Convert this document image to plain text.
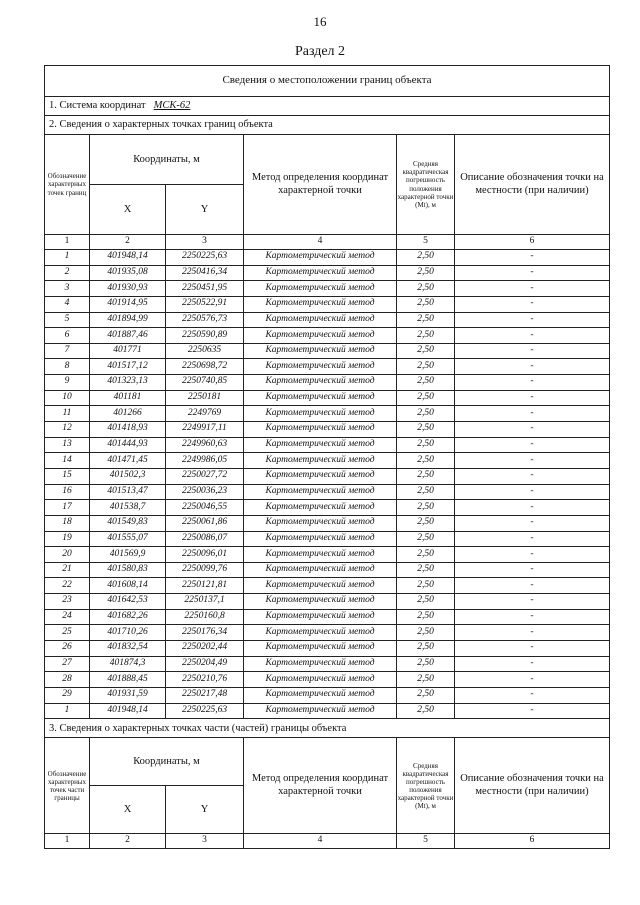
16
Раздел 2
Сведения о местоположении границ объекта					
1. Система координат МСК-62					
2. Сведения о характерных точках границ объекта					
Обозначение характерных точек границ	Координаты, м		Метод определения координат характерной точки	Средняя квадратическая погрешность положения характерной точки (Mt), м	Описание обозначения точки на местности (при наличии)
	X	Y			
1	2	3	4	5	6
1	401948,14	2250225,63	Картометрический метод	2,50	-
2	401935,08	2250416,34	Картометрический метод	2,50	-
3	401930,93	2250451,95	Картометрический метод	2,50	-
4	401914,95	2250522,91	Картометрический метод	2,50	-
5	401894,99	2250576,73	Картометрический метод	2,50	-
6	401887,46	2250590,89	Картометрический метод	2,50	-
7	401771	2250635	Картометрический метод	2,50	-
8	401517,12	2250698,72	Картометрический метод	2,50	-
9	401323,13	2250740,85	Картометрический метод	2,50	-
10	401181	2250181	Картометрический метод	2,50	-
11	401266	2249769	Картометрический метод	2,50	-
12	401418,93	2249917,11	Картометрический метод	2,50	-
13	401444,93	2249960,63	Картометрический метод	2,50	-
14	401471,45	2249986,05	Картометрический метод	2,50	-
15	401502,3	2250027,72	Картометрический метод	2,50	-
16	401513,47	2250036,23	Картометрический метод	2,50	-
17	401538,7	2250046,55	Картометрический метод	2,50	-
18	401549,83	2250061,86	Картометрический метод	2,50	-
19	401555,07	2250086,07	Картометрический метод	2,50	-
20	401569,9	2250096,01	Картометрический метод	2,50	-
21	401580,83	2250099,76	Картометрический метод	2,50	-
22	401608,14	2250121,81	Картометрический метод	2,50	-
23	401642,53	2250137,1	Картометрический метод	2,50	-
24	401682,26	2250160,8	Картометрический метод	2,50	-
25	401710,26	2250176,34	Картометрический метод	2,50	-
26	401832,54	2250202,44	Картометрический метод	2,50	-
27	401874,3	2250204,49	Картометрический метод	2,50	-
28	401888,45	2250210,76	Картометрический метод	2,50	-
29	401931,59	2250217,48	Картометрический метод	2,50	-
1	401948,14	2250225,63	Картометрический метод	2,50	-
3. Сведения о характерных точках части (частей) границы объекта					
Обозначение характерных точек части границы	Координаты, м		Метод определения координат характерной точки	Средняя квадратическая погрешность положения характерной точки (Mt), м	Описание обозначения точки на местности (при наличии)
	X	Y			
1	2	3	4	5	6
